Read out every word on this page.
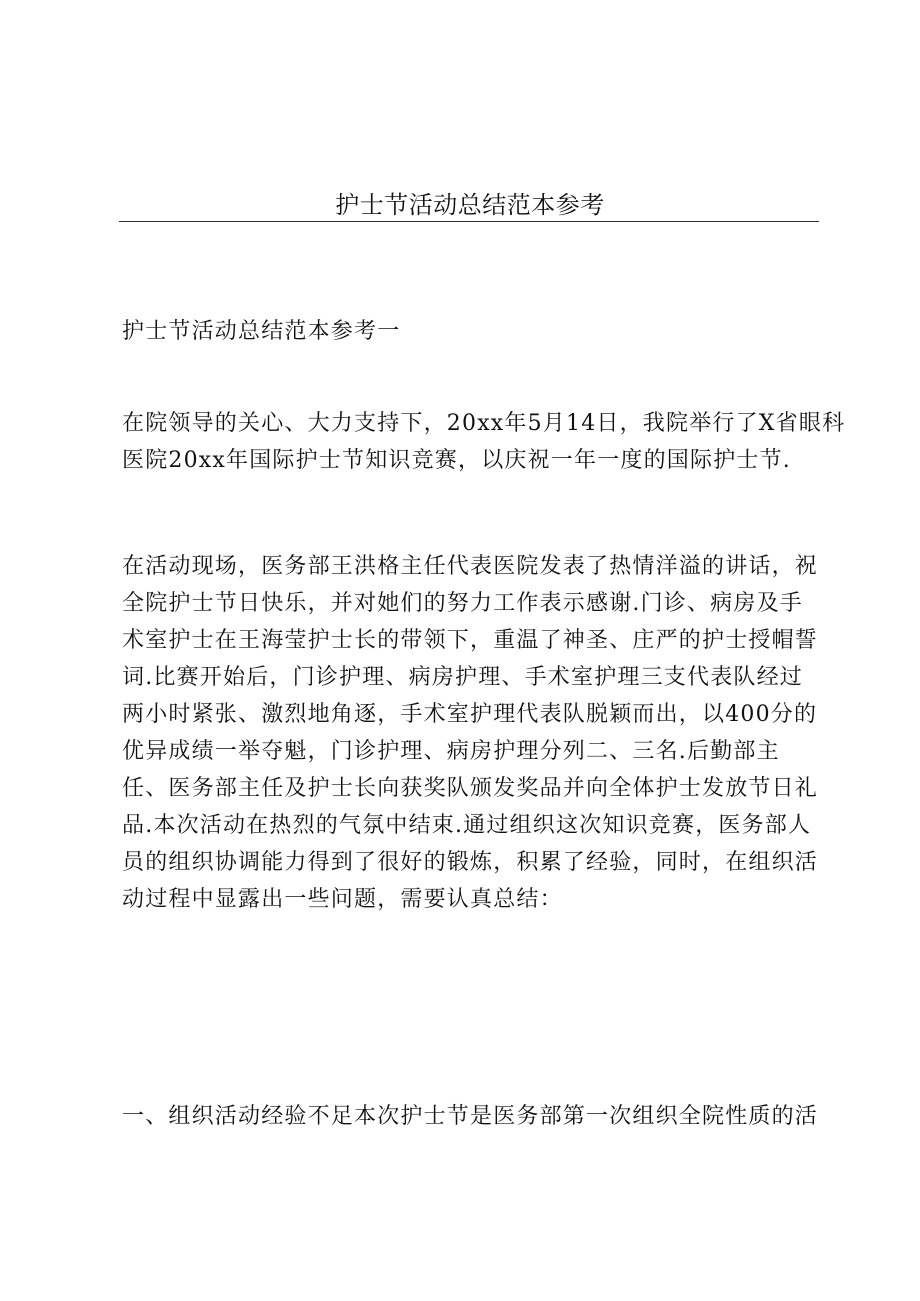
护士节活动总结范本参考
护士节活动总结范本参考一
在院领导的关心、大力支持下，20xx年5月14日，我院举行了X省眼科
医院20xx年国际护士节知识竞赛，以庆祝一年一度的国际护士节.
在活动现场，医务部王洪格主任代表医院发表了热情洋溢的讲话，祝
全院护士节日快乐，并对她们的努力工作表示感谢.门诊、病房及手
术室护士在王海莹护士长的带领下，重温了神圣、庄严的护士授帽誓
词.比赛开始后，门诊护理、病房护理、手术室护理三支代表队经过
两小时紧张、激烈地角逐，手术室护理代表队脱颖而出，以400分的
优异成绩一举夺魁，门诊护理、病房护理分列二、三名.后勤部主
任、医务部主任及护士长向获奖队颁发奖品并向全体护士发放节日礼
品.本次活动在热烈的气氛中结束.通过组织这次知识竞赛，医务部人
员的组织协调能力得到了很好的锻炼，积累了经验，同时，在组织活
动过程中显露出一些问题，需要认真总结：
一、组织活动经验不足本次护士节是医务部第一次组织全院性质的活
